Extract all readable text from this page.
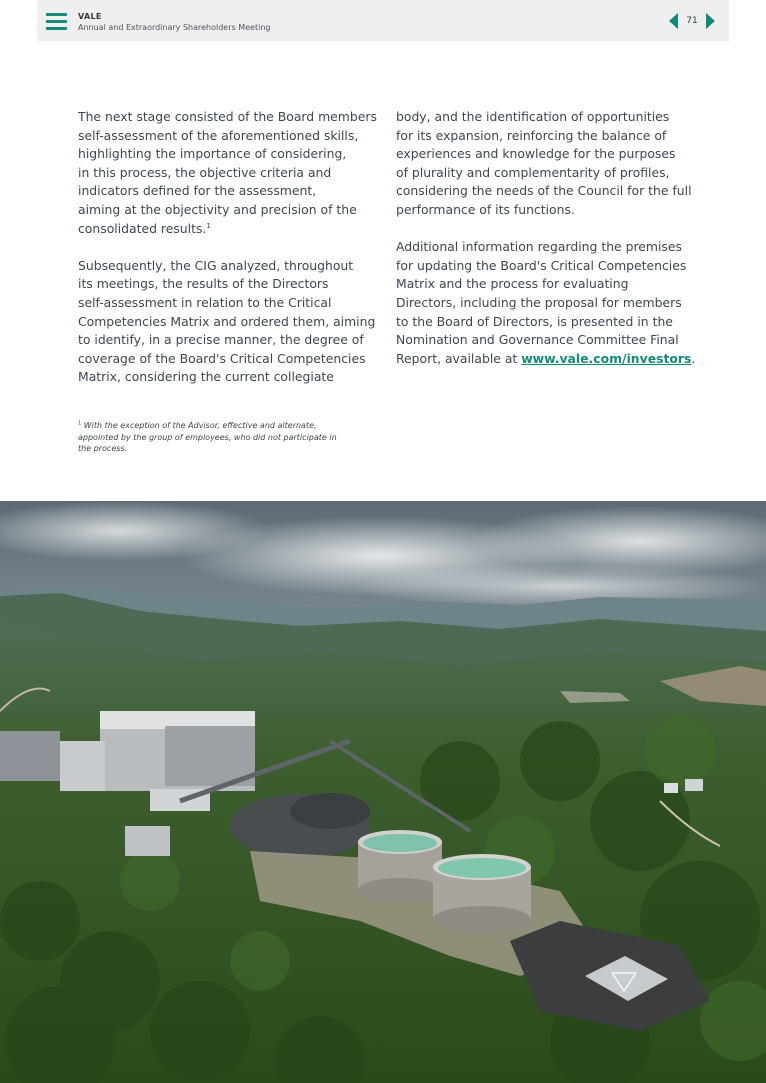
VALE
Annual and Extraordinary Shareholders Meeting
71

The next stage consisted of the Board members
self-assessment of the aforementioned skills,
highlighting the importance of considering,
in this process, the objective criteria and
indicators defined for the assessment,
aiming at the objectivity and precision of the
consolidated results.$^1$

Subsequently, the CIG analyzed, throughout
its meetings, the results of the Directors
self-assessment in relation to the Critical
Competencies Matrix and ordered them, aiming
to identify, in a precise manner, the degree of
coverage of the Board's Critical Competencies
Matrix, considering the current collegiate

body, and the identification of opportunities
for its expansion, reinforcing the balance of
experiences and knowledge for the purposes
of plurality and complementarity of profiles,
considering the needs of the Council for the full
performance of its functions.

Additional information regarding the premises
for updating the Board's Critical Competencies
Matrix and the process for evaluating
Directors, including the proposal for members
to the Board of Directors, is presented in the
Nomination and Governance Committee Final
Report, available at www.vale.com/investors.

$^1$ With the exception of the Advisor, effective and alternate,
appointed by the group of employees, who did not participate in
the process.
